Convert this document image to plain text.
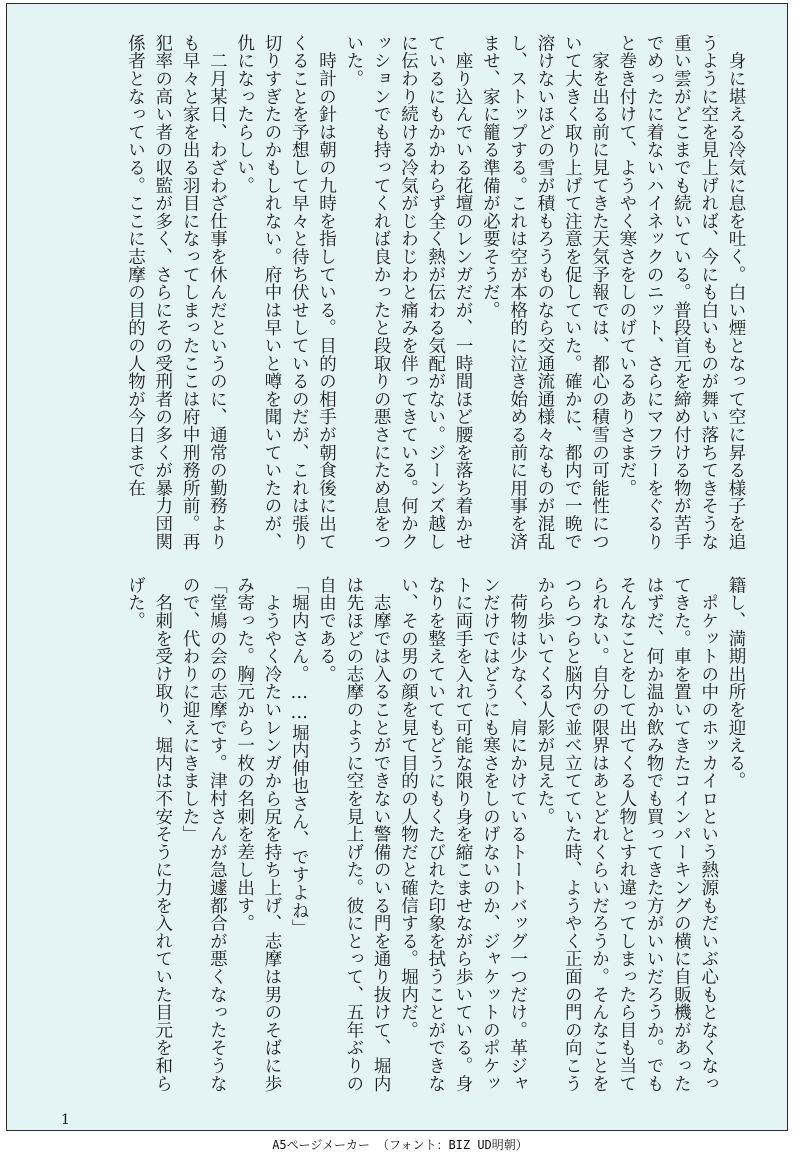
　身に堪える冷気に息を吐く。白い煙となって空に昇る様子を追うように空を見上げれば、今にも白いものが舞い落ちてきそうな重い雲がどこまでも続いている。普段首元を締め付ける物が苦手でめったに着ないハイネックのニット、さらにマフラーをぐるりと巻き付けて、ようやく寒さをしのげているありさまだ。

　家を出る前に見てきた天気予報では、都心の積雪の可能性について大きく取り上げて注意を促していた。確かに、都内で一晩で溶けないほどの雪が積もろうものなら交通流通様々なものが混乱し、ストップする。これは空が本格的に泣き始める前に用事を済ませ、家に籠る準備が必要そうだ。

　座り込んでいる花壇のレンガだが、一時間ほど腰を落ち着かせているにもかかわらず全く熱が伝わる気配がない。ジーンズ越しに伝わり続ける冷気がじわじわと痛みを伴ってきている。何かクッションでも持ってくれば良かったと段取りの悪さにため息をついた。

　時計の針は朝の九時を指している。目的の相手が朝食後に出てくることを予想して早々と待ち伏せしているのだが、これは張り切りすぎたのかもしれない。府中は早いと噂を聞いていたのが、仇になったらしい。

　二月某日、わざわざ仕事を休んだというのに、通常の勤務よりも早々と家を出る羽目になってしまったここは府中刑務所前。再犯率の高い者の収監が多く、さらにその受刑者の多くが暴力団関係者となっている。ここに志摩の目的の人物が今日まで在

籍し、満期出所を迎える。

　ポケットの中のホッカイロという熱源もだいぶ心もとなくなってきた。車を置いてきたコインパーキングの横に自販機があったはずだ、何か温か飲み物でも買ってきた方がいいだろうか。でもそんなことをして出てくる人物とすれ違ってしまったら目も当てられない。自分の限界はあとどれくらいだろうか。そんなことをつらつらと脳内で並べ立てていた時、ようやく正面の門の向こうから歩いてくる人影が見えた。

　荷物は少なく、肩にかけているトートバッグ一つだけ。革ジャンだけではどうにも寒さをしのげないのか、ジャケットのポケットに両手を入れて可能な限り身を縮こませながら歩いている。身なりを整えていてもどうにもくたびれた印象を拭うことができない、その男の顔を見て目的の人物だと確信する。堀内だ。

　志摩では入ることができない警備のいる門を通り抜けて、堀内は先ほどの志摩のように空を見上げた。彼にとって、五年ぶりの自由である。

「堀内さん。……堀内伸也さん、ですよね」

　ようやく冷たいレンガから尻を持ち上げ、志摩は男のそばに歩み寄った。胸元から一枚の名刺を差し出す。

「堂鳩の会の志摩です。津村さんが急遽都合が悪くなったそうなので、代わりに迎えにきました」

　名刺を受け取り、堀内は不安そうに力を入れていた目元を和らげた。

1
A5ページメーカー （フォント：BIZ UD明朝）
